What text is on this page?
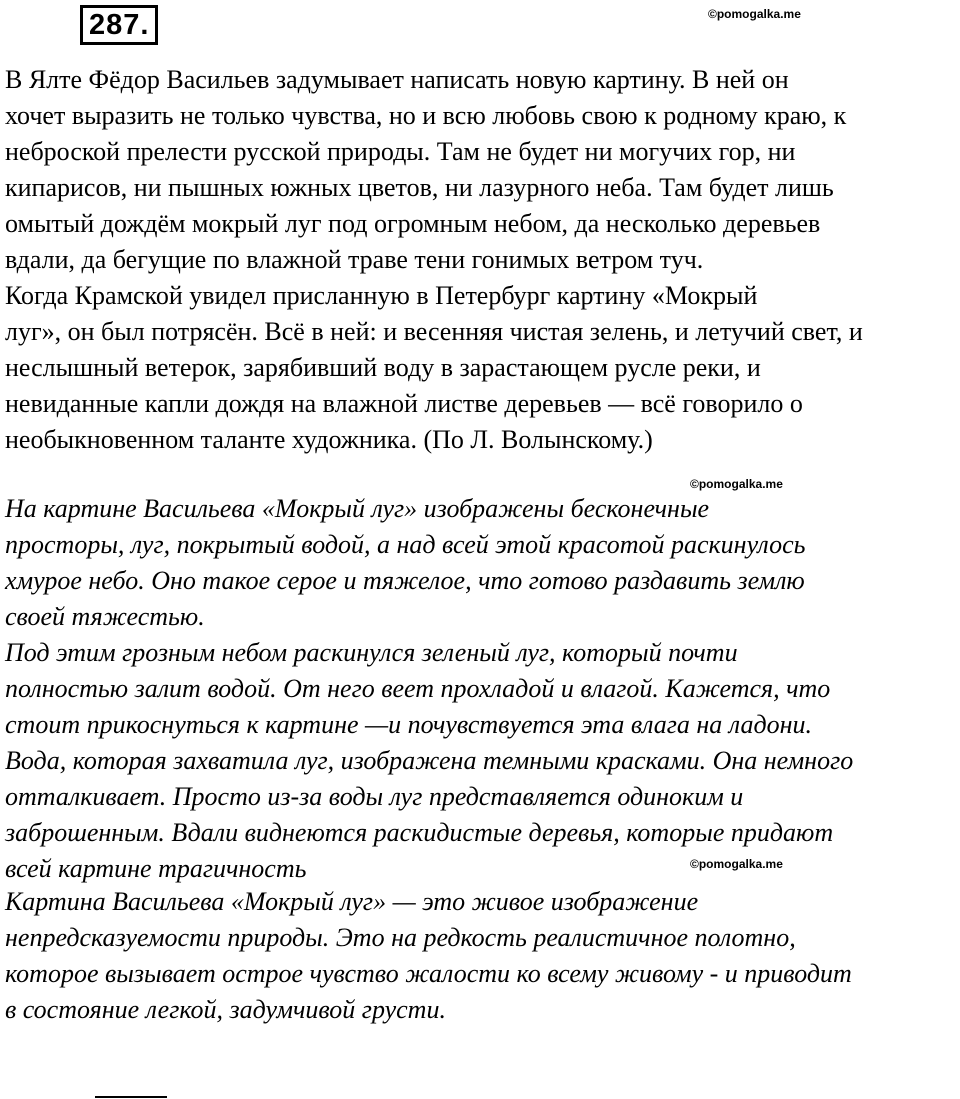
287.	©pomogalka.me
©pomogalka.me
©pomogalka.me
В Ялте Фёдор Васильев задумывает написать новую картину. В ней он
хочет выразить не только чувства, но и всю любовь свою к родному краю, к
неброской прелести русской природы. Там не будет ни могучих гор, ни
кипарисов, ни пышных южных цветов, ни лазурного неба. Там будет лишь
омытый дождём мокрый луг под огромным небом, да несколько деревьев
вдали, да бегущие по влажной траве тени гонимых ветром туч.
Когда Крамской увидел присланную в Петербург картину «Мокрый
луг», он был потрясён. Всё в ней: и весенняя чистая зелень, и летучий свет, и
неслышный ветерок, зарябивший воду в зарастающем русле реки, и
невиданные капли дождя на влажной листве деревьев — всё говорило о
необыкновенном таланте художника. (По Л. Волынскому.)
На картине Васильева «Мокрый луг» изображены бесконечные
просторы, луг, покрытый водой, а над всей этой красотой раскинулось
хмурое небо. Оно такое серое и тяжелое, что готово раздавить землю
своей тяжестью.
Под этим грозным небом раскинулся зеленый луг, который почти
полностью залит водой. От него веет прохладой и влагой. Кажется, что
стоит прикоснуться к картине —и почувствуется эта влага на ладони.
Вода, которая захватила луг, изображена темными красками. Она немного
отталкивает. Просто из-за воды луг представляется одиноким и
заброшенным. Вдали виднеются раскидистые деревья, которые придают
всей картине трагичность
Картина Васильева «Мокрый луг» — это живое изображение
непредсказуемости природы. Это на редкость реалистичное полотно,
которое вызывает острое чувство жалости ко всему живому - и приводит
в состояние легкой, задумчивой грусти.
